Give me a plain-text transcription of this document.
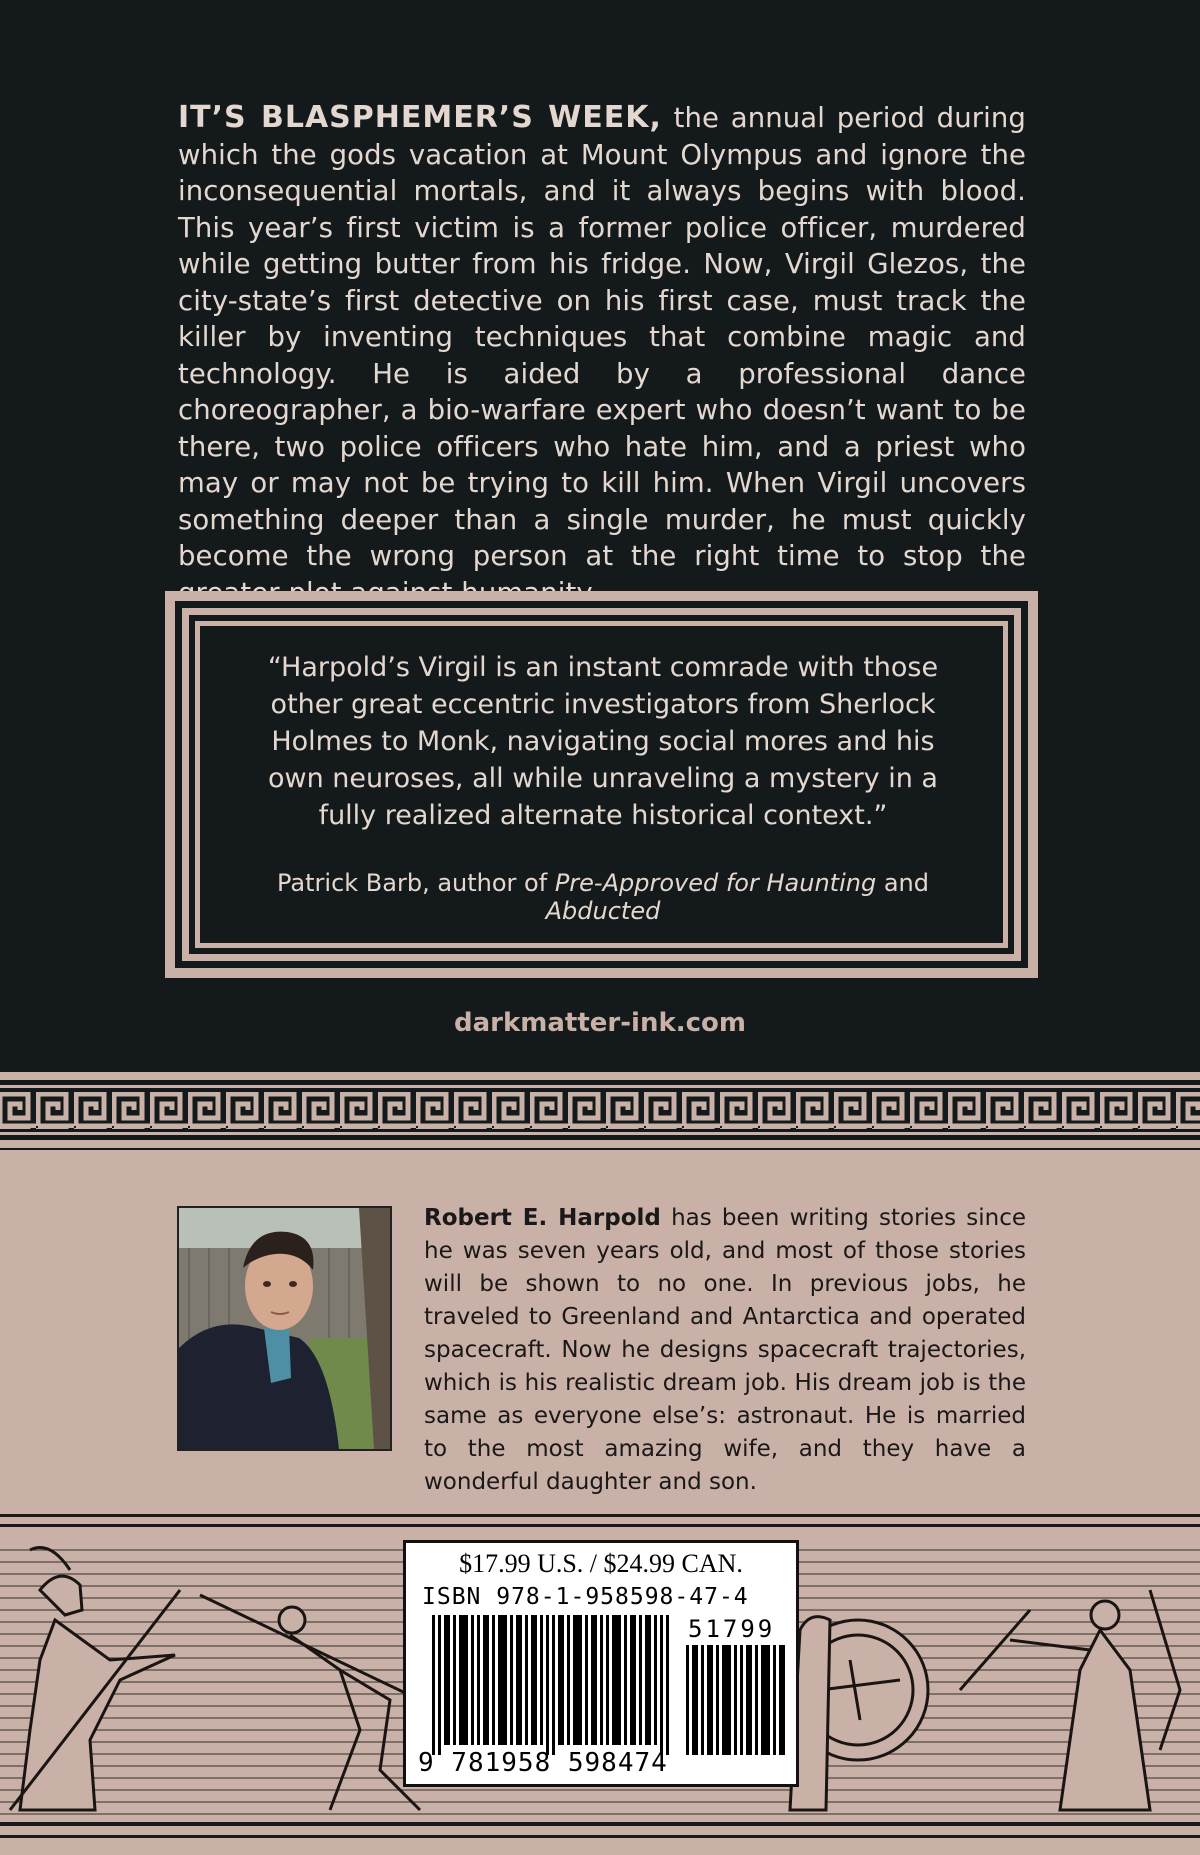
IT’S BLASPHEMER’S WEEK, the annual period during which the gods vacation at Mount Olympus and ignore the inconsequential mortals, and it always begins with blood. This year’s first victim is a former police officer, murdered while getting butter from his fridge. Now, Virgil Glezos, the city-state’s first detective on his first case, must track the killer by inventing techniques that combine magic and technology. He is aided by a professional dance choreographer, a bio-warfare expert who doesn’t want to be there, two police officers who hate him, and a priest who may or may not be trying to kill him. When Virgil uncovers something deeper than a single murder, he must quickly become the wrong person at the right time to stop the

“Harpold’s Virgil is an instant comrade with those other great eccentric investigators from Sherlock Holmes to Monk, navigating social mores and his own neuroses, all while unraveling a mystery in a fully realized alternate historical context.”
Patrick Barb, author of Pre-Approved for Haunting and Abducted
darkmatter-ink.com

Robert E. Harpold has been writing stories since he was seven years old, and most of those stories will be shown to no one. In previous jobs, he traveled to Greenland and Antarctica and operated spacecraft. Now he designs spacecraft trajectories, which is his realistic dream job. His dream job is the same as everyone else’s: astronaut. He is married to the most amazing wife, and they have a wonderful daughter and son.

$17.99 U.S. / $24.99 CAN.
ISBN 978-1-958598-47-4
51799
9 781958 598474
